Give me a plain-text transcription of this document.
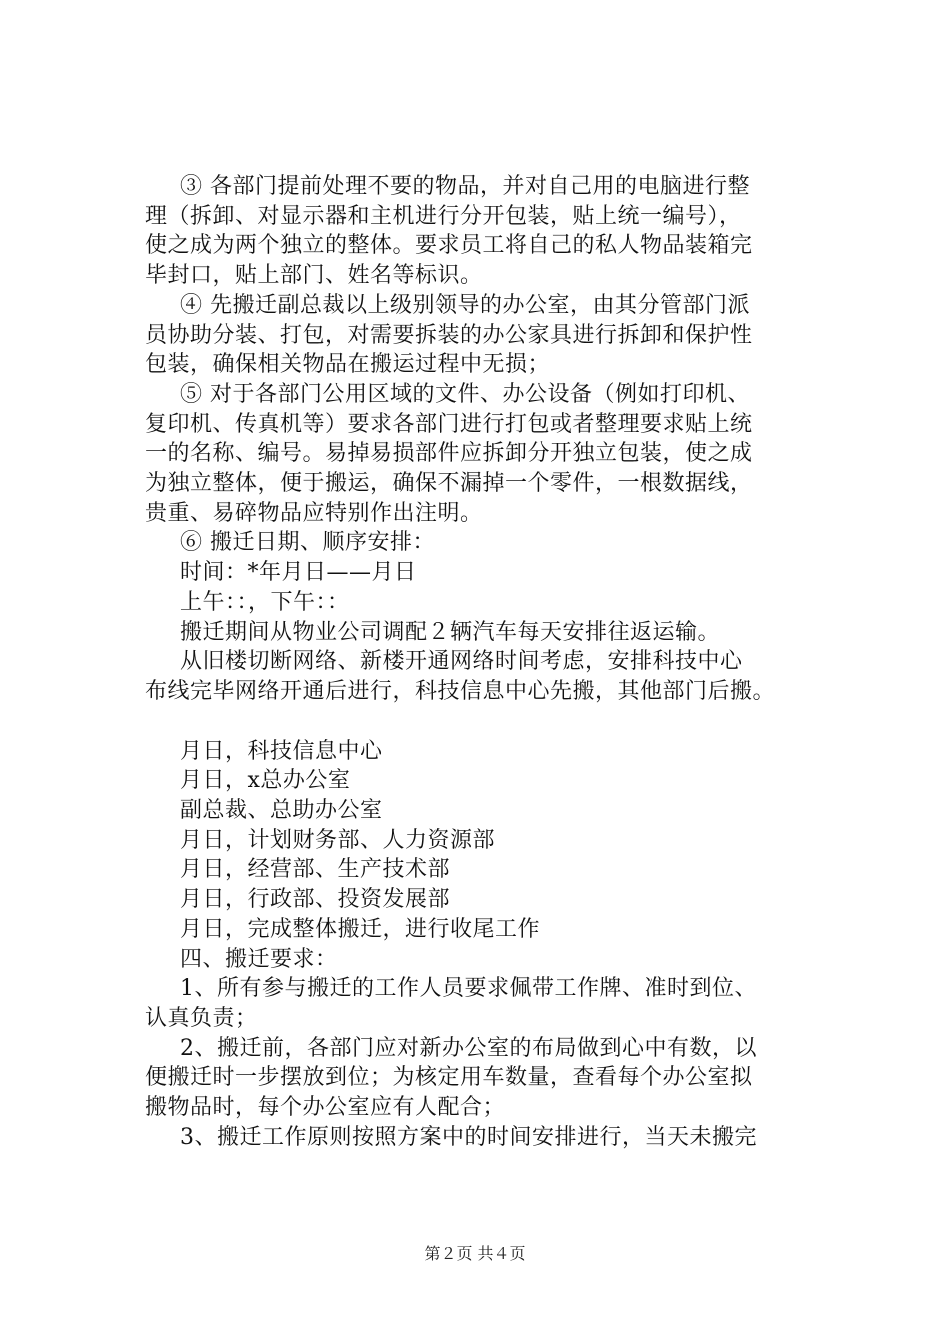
③ 各部门提前处理不要的物品，并对自己用的电脑进行整

理（拆卸、对显示器和主机进行分开包装，贴上统一编号），

使之成为两个独立的整体。要求员工将自己的私人物品装箱完

毕封口，贴上部门、姓名等标识。

④ 先搬迁副总裁以上级别领导的办公室，由其分管部门派

员协助分装、打包，对需要拆装的办公家具进行拆卸和保护性

包装，确保相关物品在搬运过程中无损；

⑤ 对于各部门公用区域的文件、办公设备（例如打印机、

复印机、传真机等）要求各部门进行打包或者整理要求贴上统

一的名称、编号。易掉易损部件应拆卸分开独立包装，使之成

为独立整体，便于搬运，确保不漏掉一个零件，一根数据线，

贵重、易碎物品应特别作出注明。

⑥ 搬迁日期、顺序安排：

时间：*年月日——月日

上午：：，下午：：

搬迁期间从物业公司调配２辆汽车每天安排往返运输。

从旧楼切断网络、新楼开通网络时间考虑，安排科技中心

布线完毕网络开通后进行，科技信息中心先搬，其他部门后搬。

月日，科技信息中心

月日，x总办公室

副总裁、总助办公室

月日，计划财务部、人力资源部

月日，经营部、生产技术部

月日，行政部、投资发展部

月日，完成整体搬迁，进行收尾工作

四、搬迁要求：

1、所有参与搬迁的工作人员要求佩带工作牌、准时到位、

认真负责；

2、搬迁前，各部门应对新办公室的布局做到心中有数，以

便搬迁时一步摆放到位；为核定用车数量，查看每个办公室拟

搬物品时，每个办公室应有人配合；

3、搬迁工作原则按照方案中的时间安排进行，当天未搬完

第２页 共４页
